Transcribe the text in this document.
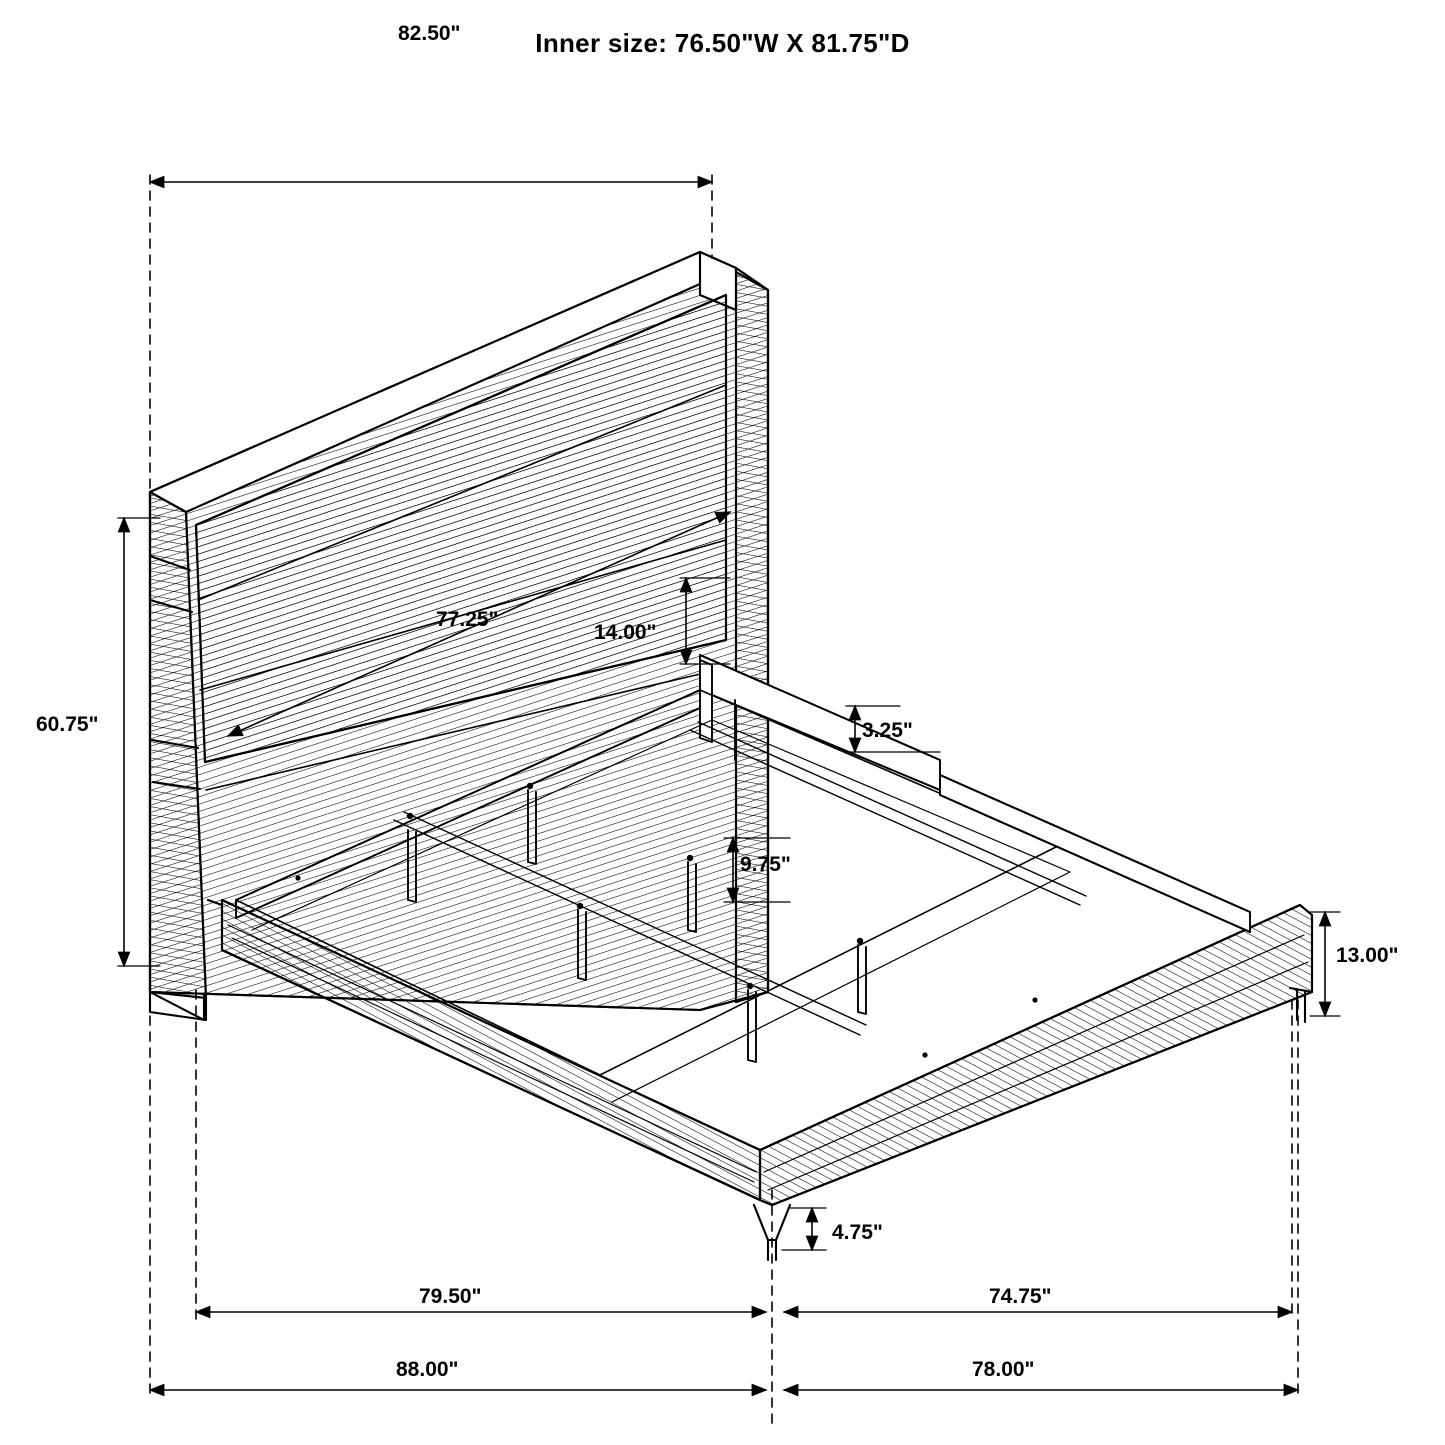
Inner size: 76.50"W X 81.75"D
82.50"
60.75"
77.25"
14.00"
3.25"
9.75"
13.00"
4.75"
79.50"	74.75"
88.00"	78.00"
